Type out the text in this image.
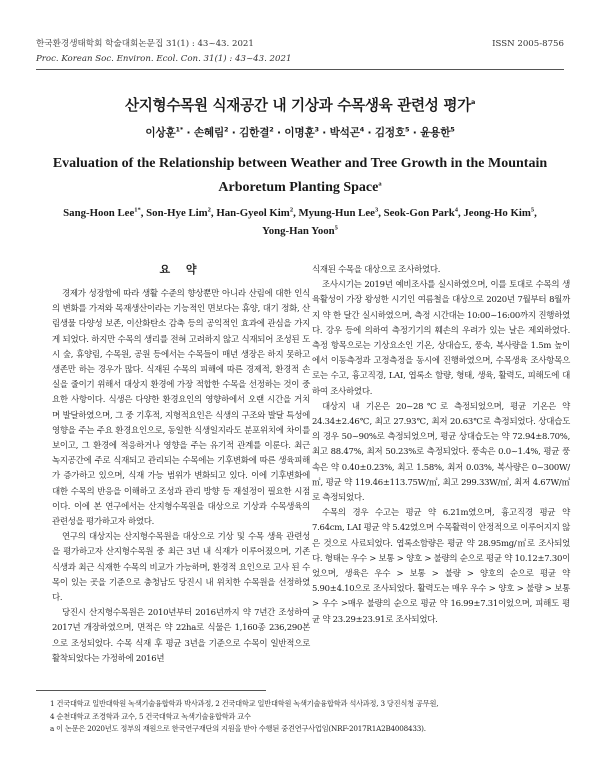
한국환경생태학회 학술대회논문집 31(1) : 43~43. 2021	ISSN 2005-8756
Proc. Korean Soc. Environ. Ecol. Con. 31(1) : 43~43. 2021
산지형수목원 식재공간 내 기상과 수목생육 관련성 평가$^a$
이상훈$^{1*}$ · 손혜림$^2$ · 김한결$^2$ · 이명훈$^3$ · 박석곤$^4$ · 김정호$^5$ · 윤용한$^5$
Evaluation of the Relationship between Weather and Tree Growth in the Mountain Arboretum Planting Space$^a$
Sang-Hoon Lee$^{1*}$, Son-Hye Lim$^2$, Han-Gyeol Kim$^2$, Myung-Hun Lee$^3$, Seok-Gon Park$^4$, Jeong-Ho Kim$^5$,
Yong-Han Yoon$^5$
요 약

경제가 성장함에 따라 생활 수준의 향상뿐만 아니라 산림에 대한 인식의 변화를 가져와 목재생산이라는 기능적인 면보다는 휴양, 대기 정화, 산림생물 다양성 보존, 이산화탄소 감축 등의 공익적인 효과에 관심을 가지게 되었다. 하지만 수목의 생리를 전혀 고려하지 않고 식재되어 조성된 도시 숲, 휴양림, 수목원, 공원 등에서는 수목들이 매년 생장은 하지 못하고 생존만 하는 경우가 많다. 식재된 수목의 피해에 따른 경제적, 환경적 손실을 줄이기 위해서 대상지 환경에 가장 적합한 수목을 선정하는 것이 중요한 사항이다. 식생은 다양한 환경요인의 영향하에서 오랜 시간을 거치며 발달하였으며, 그 중 기후적, 지형적요인은 식생의 구조와 발달 특성에 영향을 주는 주요 환경요인으로, 동일한 식생일지라도 분포위치에 차이를 보이고, 그 환경에 적응하거나 영향을 주는 유기적 관계를 이룬다. 최근 녹지공간에 주로 식재되고 관리되는 수목에는 기후변화에 따른 생육피해가 증가하고 있으며, 식재 가능 범위가 변화되고 있다. 이에 기후변화에 대한 수목의 반응을 이해하고 조성과 관리 방향 등 재설정이 필요한 시점이다. 이에 본 연구에서는 산지형수목원을 대상으로 기상과 수목생육의 관련성을 평가하고자 하였다.

연구의 대상지는 산지형수목원을 대상으로 기상 및 수목 생육 관련성을 평가하고자 산지형수목원 중 최근 3년 내 식재가 이루어졌으며, 기존 식생과 최근 식재한 수목의 비교가 가능하며, 환경적 요인으로 고사 된 수목이 있는 곳을 기준으로 충청남도 당진시 내 위치한 수목원을 선정하였다.

당진시 산지형수목원은 2010년부터 2016년까지 약 7년간 조성하여 2017년 개장하였으며, 면적은 약 22ha로 식물은 1,160종 236,290본으로 조성되었다. 수목 식재 후 평균 3년을 기준으로 수목이 일반적으로 활착되었다는 가정하에 2016년

식재된 수목을 대상으로 조사하였다.

조사시기는 2019년 예비조사를 실시하였으며, 이를 토대로 수목의 생육활성이 가장 왕성한 시기인 여름철을 대상으로 2020년 7월부터 8월까지 약 한 달간 실시하였으며, 측정 시간대는 10:00~16:00까지 진행하였다. 강우 등에 의하여 측정기기의 훼손의 우려가 있는 날은 제외하였다. 측정 항목으로는 기상요소인 기온, 상대습도, 풍속, 복사량을 1.5m 높이에서 이동측정과 고정측정을 동시에 진행하였으며, 수목생육 조사항목으로는 수고, 흉고직경, LAI, 엽록소 함량, 형태, 생육, 활력도, 피해도에 대하여 조사하였다.

대상지 내 기온은 20~28℃로 측정되었으며, 평균 기온은 약 24.34±2.46℃, 최고 27.93℃, 최저 20.63℃로 측정되었다. 상대습도의 경우 50~90%로 측정되었으며, 평균 상대습도는 약 72.94±8.70%, 최고 88.47%, 최저 50.23%로 측정되었다. 풍속은 0.0~1.4%, 평균 풍속은 약 0.40±0.23%, 최고 1.58%, 최저 0.03%, 복사량은 0~300W/㎡, 평균 약 119.46±113.75W/㎡, 최고 299.33W/㎡, 최저 4.67W/㎡로 측정되었다.

수목의 경우 수고는 평균 약 6.21m였으며, 흉고직경 평균 약 7.64cm, LAI 평균 약 5.42였으며 수목활력이 안정적으로 이루어지지 않은 것으로 사료되었다. 엽록소함량은 평균 약 28.95mg/㎡로 조사되었다. 형태는 우수 > 보통 > 양호 > 불량의 순으로 평균 약 10.12±7.30이었으며, 생육은 우수 > 보통 > 불량 > 양호의 순으로 평균 약 5.90±4.10으로 조사되었다. 활력도는 매우 우수 > 양호 > 불량 > 보통 > 우수 >매우 불량의 순으로 평균 약 16.99±7.31이었으며, 피해도 평균 약 23.29±23.91로 조사되었다.

1 건국대학교 일반대학원 녹색기술융합학과 박사과정, 2 건국대학교 일반대학원 녹색기술융합학과 석사과정, 3 당진식청 공무원,
4 순천대학교 조경학과 교수, 5 건국대학교 녹색기술융합학과 교수
a 이 논문은 2020년도 정부의 재원으로 한국연구재단의 지원을 받아 수행된 중견연구사업임(NRF-2017R1A2B4008433).
